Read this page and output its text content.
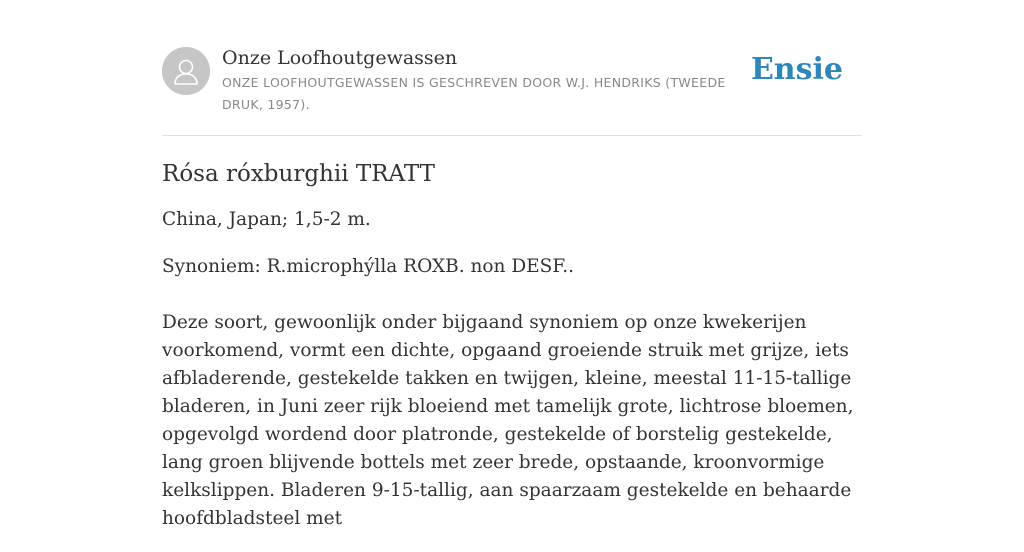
Onze Loofhoutgewassen
ONZE LOOFHOUTGEWASSEN IS GESCHREVEN DOOR W.J. HENDRIKS (TWEEDE DRUK, 1957).
Ensie
Rósa róxburghii TRATT

China, Japan; 1,5-2 m.

Synoniem: R.microphýlla ROXB. non DESF..

Deze soort, gewoonlijk onder bijgaand synoniem op onze kwekerijen voorkomend, vormt een dichte, opgaand groeiende struik met grijze, iets afbladerende, gestekelde takken en twijgen, kleine, meestal 11-15-tallige bladeren, in Juni zeer rijk bloeiend met tamelijk grote, lichtrose bloemen, opgevolgd wordend door platronde, gestekelde of borstelig gestekelde, lang groen blijvende bottels met zeer brede, opstaande, kroonvormige kelkslippen. Bladeren 9-15-tallig, aan spaarzaam gestekelde en behaarde hoofdbladsteel met
